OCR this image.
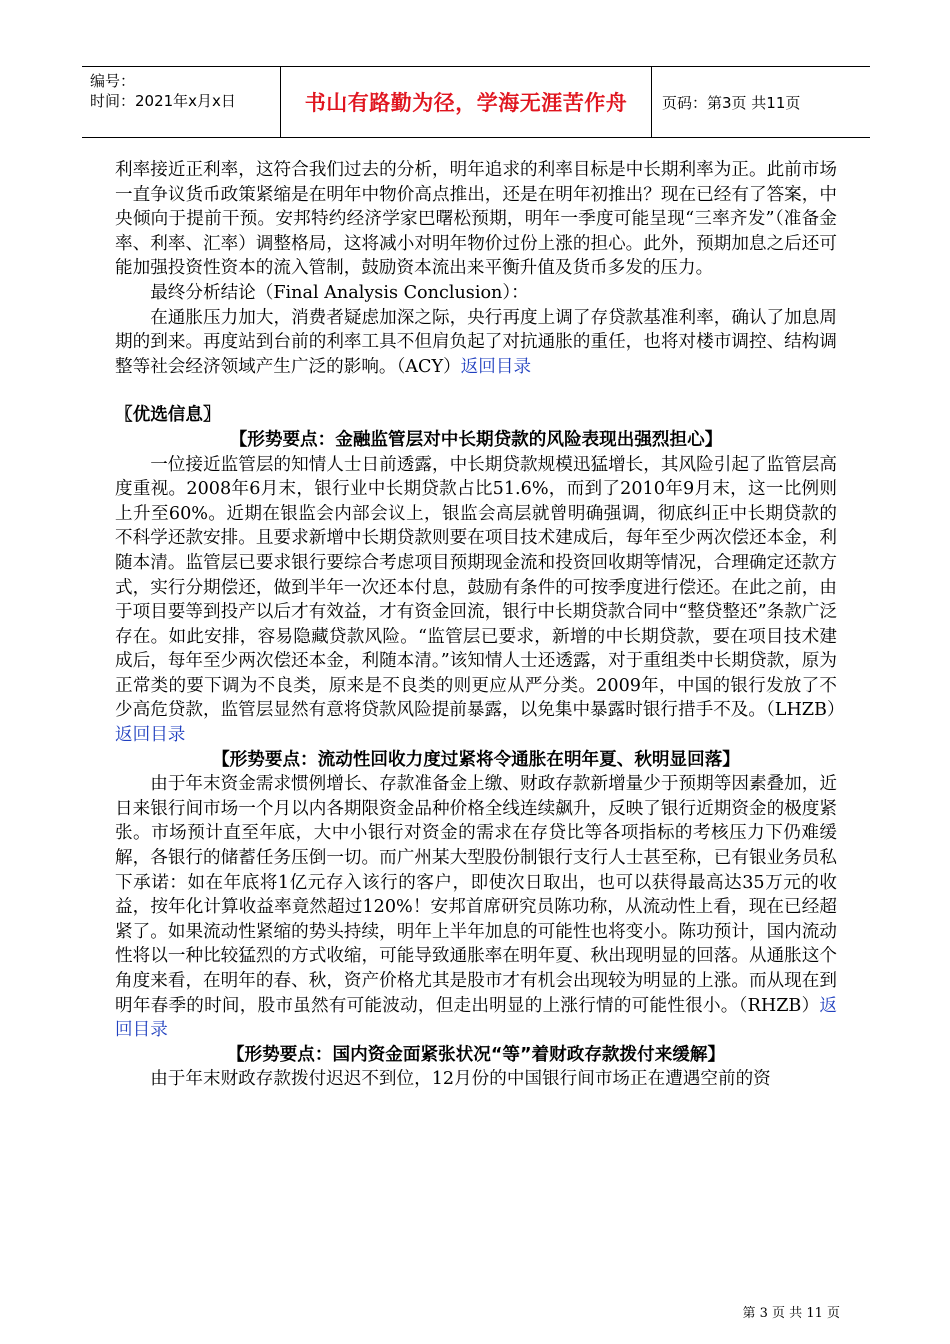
编号：
时间：2021年x月x日	书山有路勤为径，学海无涯苦作舟	页码：第3页 共11页

利率接近正利率，这符合我们过去的分析，明年追求的利率目标是中长期利率为正。此前市场一直争议货币政策紧缩是在明年中物价高点推出，还是在明年初推出？现在已经有了答案，中央倾向于提前干预。安邦特约经济学家巴曙松预期，明年一季度可能呈现“三率齐发”（准备金率、利率、汇率）调整格局，这将减小对明年物价过份上涨的担心。此外，预期加息之后还可能加强投资性资本的流入管制，鼓励资本流出来平衡升值及货币多发的压力。

最终分析结论（Final Analysis Conclusion）：

在通胀压力加大，消费者疑虑加深之际，央行再度上调了存贷款基准利率，确认了加息周期的到来。再度站到台前的利率工具不但肩负起了对抗通胀的重任，也将对楼市调控、结构调整等社会经济领域产生广泛的影响。（ACY）返回目录

〖优选信息〗

【形势要点：金融监管层对中长期贷款的风险表现出强烈担心】

一位接近监管层的知情人士日前透露，中长期贷款规模迅猛增长，其风险引起了监管层高度重视。2008年6月末，银行业中长期贷款占比51.6%，而到了2010年9月末，这一比例则上升至60%。近期在银监会内部会议上，银监会高层就曾明确强调，彻底纠正中长期贷款的不科学还款安排。且要求新增中长期贷款则要在项目技术建成后，每年至少两次偿还本金，利随本清。监管层已要求银行要综合考虑项目预期现金流和投资回收期等情况，合理确定还款方式，实行分期偿还，做到半年一次还本付息，鼓励有条件的可按季度进行偿还。在此之前，由于项目要等到投产以后才有效益，才有资金回流，银行中长期贷款合同中“整贷整还”条款广泛存在。如此安排，容易隐藏贷款风险。“监管层已要求，新增的中长期贷款，要在项目技术建成后，每年至少两次偿还本金，利随本清。”该知情人士还透露，对于重组类中长期贷款，原为正常类的要下调为不良类，原来是不良类的则更应从严分类。2009年，中国的银行发放了不少高危贷款，监管层显然有意将贷款风险提前暴露，以免集中暴露时银行措手不及。（LHZB）返回目录

【形势要点：流动性回收力度过紧将令通胀在明年夏、秋明显回落】

由于年末资金需求惯例增长、存款准备金上缴、财政存款新增量少于预期等因素叠加，近日来银行间市场一个月以内各期限资金品种价格全线连续飙升，反映了银行近期资金的极度紧张。市场预计直至年底，大中小银行对资金的需求在存贷比等各项指标的考核压力下仍难缓解，各银行的储蓄任务压倒一切。而广州某大型股份制银行支行人士甚至称，已有银业务员私下承诺：如在年底将1亿元存入该行的客户，即使次日取出，也可以获得最高达35万元的收益，按年化计算收益率竟然超过120%！安邦首席研究员陈功称，从流动性上看，现在已经超紧了。如果流动性紧缩的势头持续，明年上半年加息的可能性也将变小。陈功预计，国内流动性将以一种比较猛烈的方式收缩，可能导致通胀率在明年夏、秋出现明显的回落。从通胀这个角度来看，在明年的春、秋，资产价格尤其是股市才有机会出现较为明显的上涨。而从现在到明年春季的时间，股市虽然有可能波动，但走出明显的上涨行情的可能性很小。（RHZB）返回目录

【形势要点：国内资金面紧张状况“等”着财政存款拨付来缓解】

由于年末财政存款拨付迟迟不到位，12月份的中国银行间市场正在遭遇空前的资

第 3 页 共 11 页
